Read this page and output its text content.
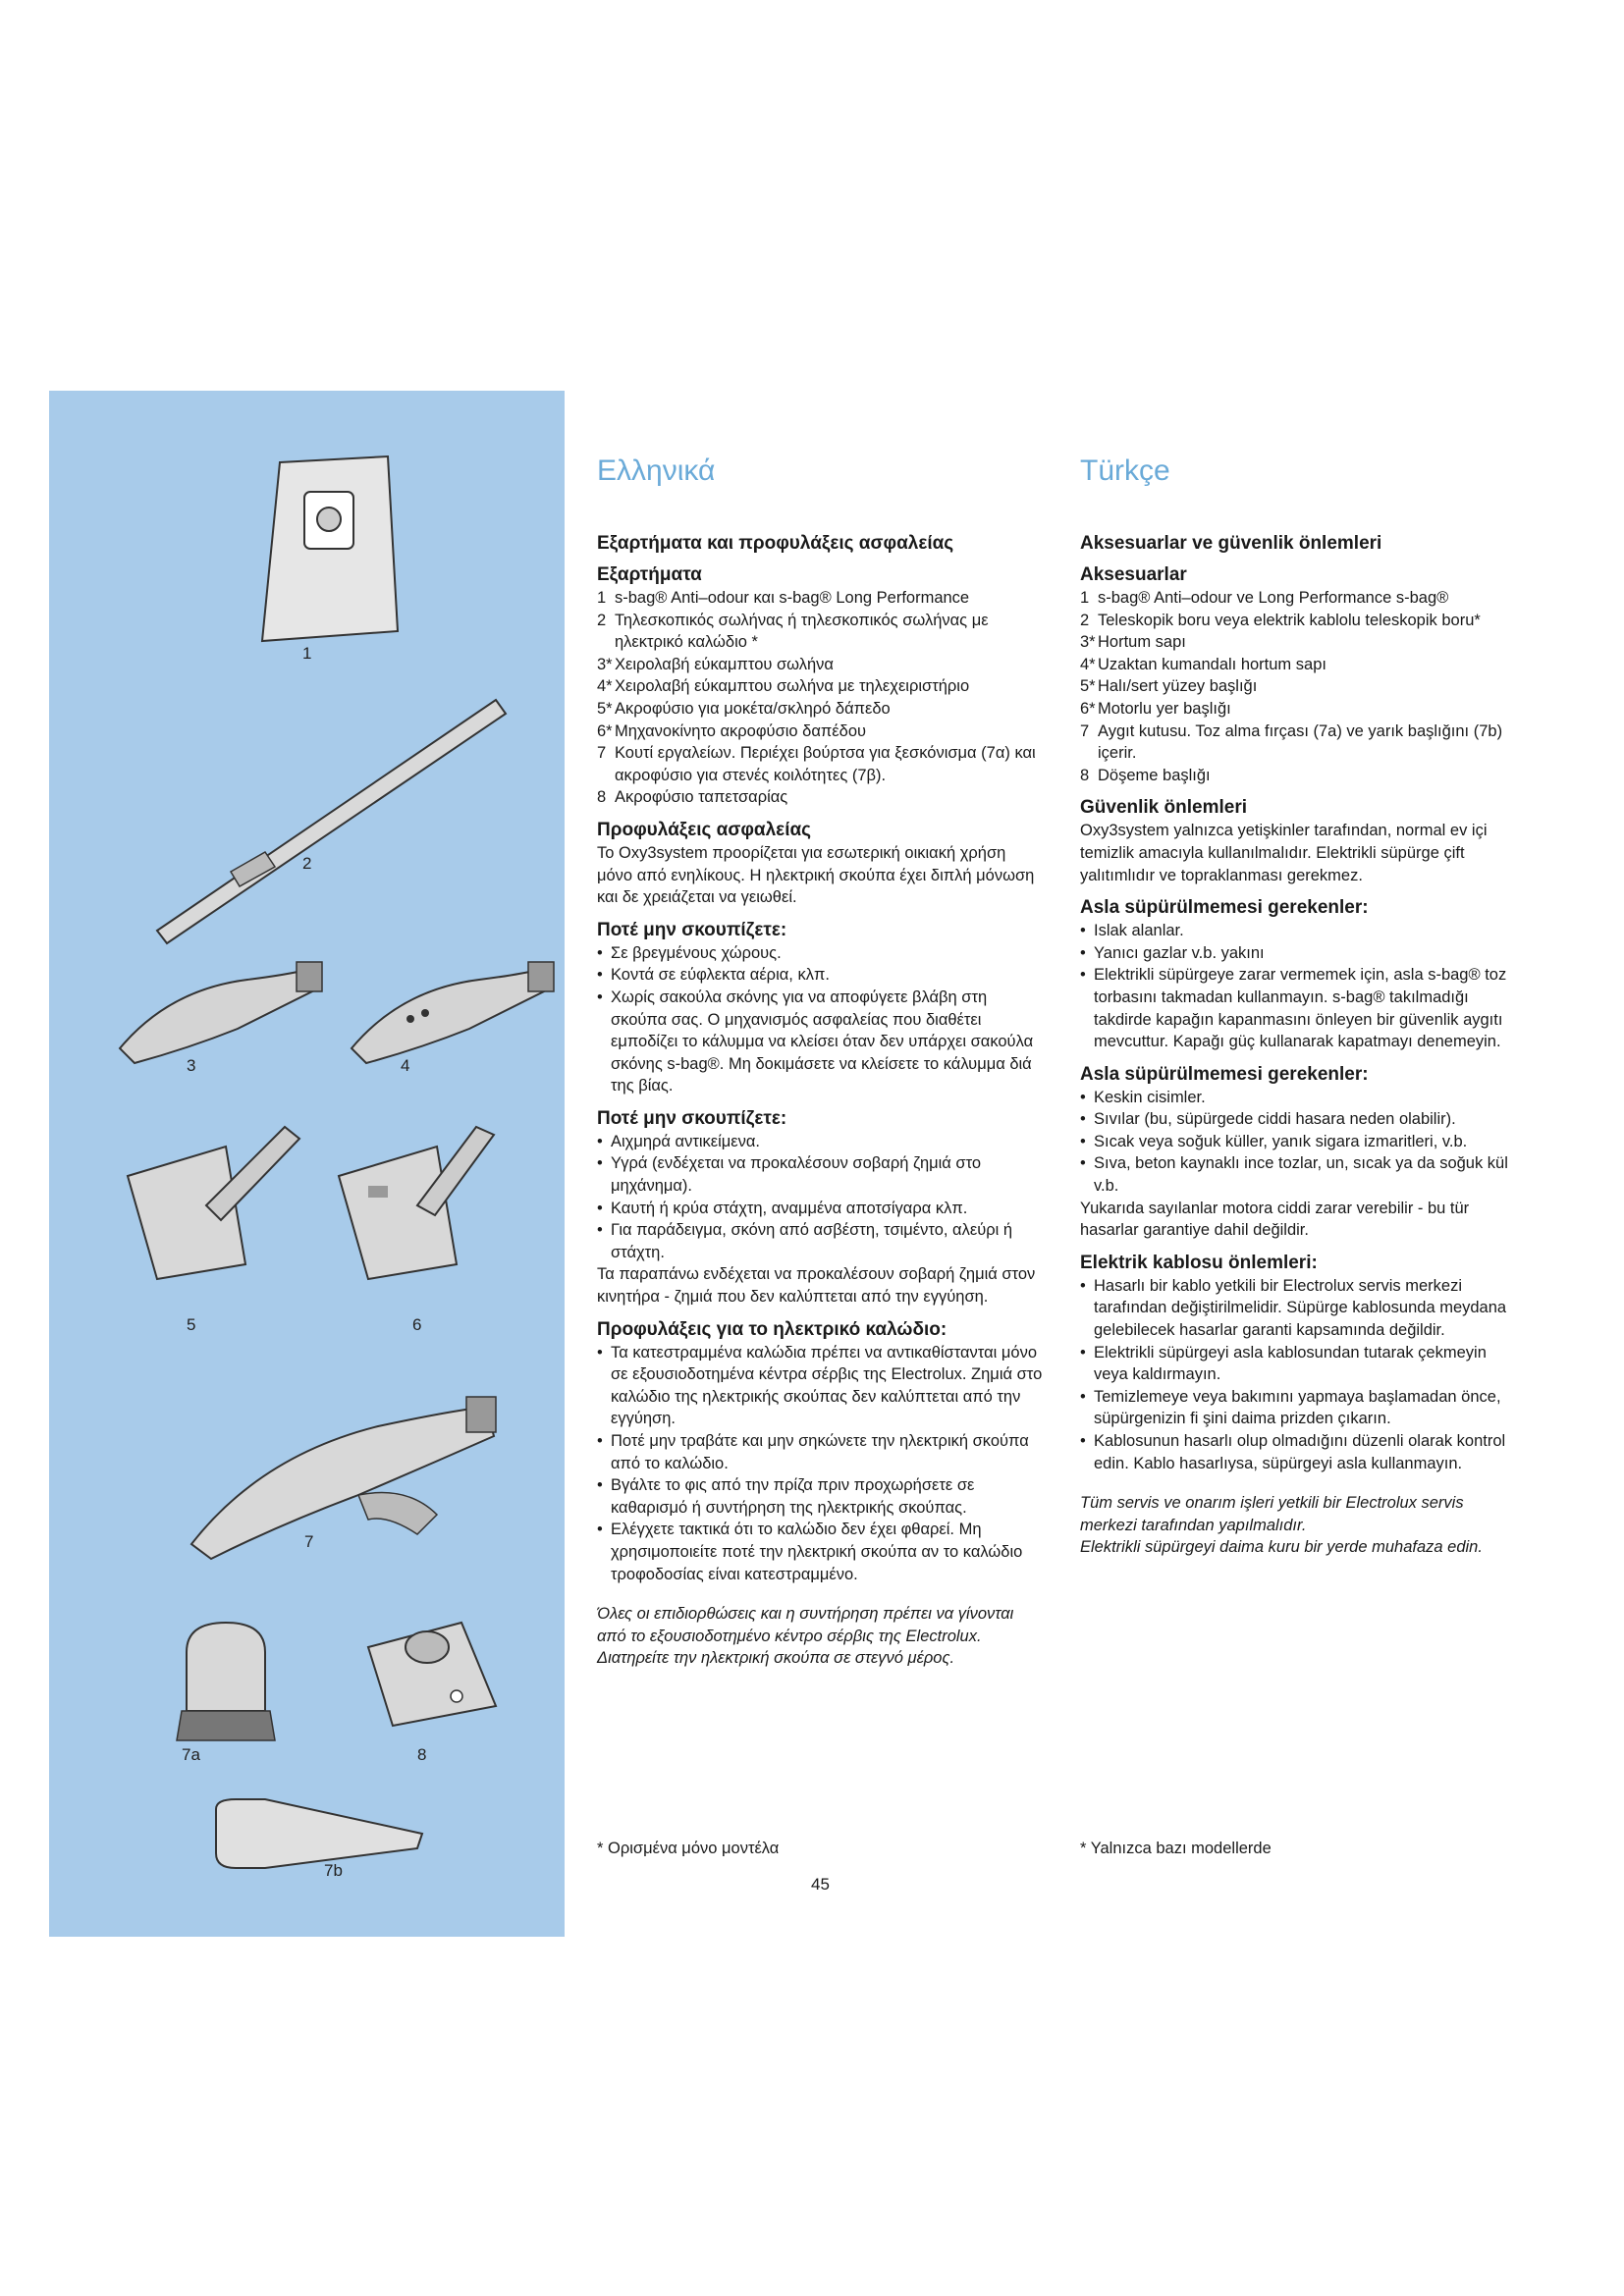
1
2
3	4
5	6
7
7a	8
7b
Ελληνικά
Εξαρτήματα και προφυλάξεις ασφαλείας
Εξαρτήματα
1 s-bag® Anti–odour και s-bag® Long Performance
2 Τηλεσκοπικός σωλήνας ή τηλεσκοπικός σωλήνας με ηλεκτρικό καλώδιο *
3* Χειρολαβή εύκαμπτου σωλήνα
4* Χειρολαβή εύκαμπτου σωλήνα με τηλεχειριστήριο
5* Ακροφύσιο για μοκέτα/σκληρό δάπεδο
6* Μηχανοκίνητο ακροφύσιο δαπέδου
7 Κουτί εργαλείων. Περιέχει βούρτσα για ξεσκόνισμα (7α) και ακροφύσιο για στενές κοιλότητες (7β).
8 Ακροφύσιο ταπετσαρίας
Προφυλάξεις ασφαλείας

Το Oxy3system προορίζεται για εσωτερική οικιακή χρήση μόνο από ενηλίκους. Η ηλεκτρική σκούπα έχει διπλή μόνωση και δε χρειάζεται να γειωθεί.

Ποτέ μην σκουπίζετε:
• Σε βρεγμένους χώρους.
• Κοντά σε εύφλεκτα αέρια, κλπ.
• Χωρίς σακούλα σκόνης για να αποφύγετε βλάβη στη σκούπα σας. Ο μηχανισμός ασφαλείας που διαθέτει εμποδίζει το κάλυμμα να κλείσει όταν δεν υπάρχει σακούλα σκόνης s-bag®. Μη δοκιμάσετε να κλείσετε το κάλυμμα διά της βίας.
Ποτέ μην σκουπίζετε:
• Αιχμηρά αντικείμενα.
• Υγρά (ενδέχεται να προκαλέσουν σοβαρή ζημιά στο μηχάνημα).
• Καυτή ή κρύα στάχτη, αναμμένα αποτσίγαρα κλπ.
• Για παράδειγμα, σκόνη από ασβέστη, τσιμέντο, αλεύρι ή στάχτη.

Τα παραπάνω ενδέχεται να προκαλέσουν σοβαρή ζημιά στον κινητήρα - ζημιά που δεν καλύπτεται από την εγγύηση.

Προφυλάξεις για το ηλεκτρικό καλώδιο:
• Τα κατεστραμμένα καλώδια πρέπει να αντικαθίστανται μόνο σε εξουσιοδοτημένα κέντρα σέρβις της Electrolux. Ζημιά στο καλώδιο της ηλεκτρικής σκούπας δεν καλύπτεται από την εγγύηση.
• Ποτέ μην τραβάτε και μην σηκώνετε την ηλεκτρική σκούπα από το καλώδιο.
• Βγάλτε το φις από την πρίζα πριν προχωρήσετε σε καθαρισμό ή συντήρηση της ηλεκτρικής σκούπας.
• Ελέγχετε τακτικά ότι το καλώδιο δεν έχει φθαρεί. Μη χρησιμοποιείτε ποτέ την ηλεκτρική σκούπα αν το καλώδιο τροφοδοσίας είναι κατεστραμμένο.

Όλες οι επιδιορθώσεις και η συντήρηση πρέπει να γίνονται από το εξουσιοδοτημένο κέντρο σέρβις της Electrolux.

Διατηρείτε την ηλεκτρική σκούπα σε στεγνό μέρος.

Türkçe
Aksesuarlar ve güvenlik önlemleri
Aksesuarlar
1 s-bag® Anti–odour ve Long Performance s-bag®
2 Teleskopik boru veya elektrik kablolu teleskopik boru*
3* Hortum sapı
4* Uzaktan kumandalı hortum sapı
5* Halı/sert yüzey başlığı
6* Motorlu yer başlığı
7 Aygıt kutusu. Toz alma fırçası (7a) ve yarık başlığını (7b) içerir.
8 Döşeme başlığı
Güvenlik önlemleri

Oxy3system yalnızca yetişkinler tarafından, normal ev içi temizlik amacıyla kullanılmalıdır. Elektrikli süpürge çift yalıtımlıdır ve topraklanması gerekmez.

Asla süpürülmemesi gerekenler:
• Islak alanlar.
• Yanıcı gazlar v.b. yakını
• Elektrikli süpürgeye zarar vermemek için, asla s-bag® toz torbasını takmadan kullanmayın. s-bag® takılmadığı takdirde kapağın kapanmasını önleyen bir güvenlik aygıtı mevcuttur. Kapağı güç kullanarak kapatmayı denemeyin.
Asla süpürülmemesi gerekenler:
• Keskin cisimler.
• Sıvılar (bu, süpürgede ciddi hasara neden olabilir).
• Sıcak veya soğuk küller, yanık sigara izmaritleri, v.b.
• Sıva, beton kaynaklı ince tozlar, un, sıcak ya da soğuk kül v.b.

Yukarıda sayılanlar motora ciddi zarar verebilir - bu tür hasarlar garantiye dahil değildir.

Elektrik kablosu önlemleri:
• Hasarlı bir kablo yetkili bir Electrolux servis merkezi tarafından değiştirilmelidir. Süpürge kablosunda meydana gelebilecek hasarlar garanti kapsamında değildir.
• Elektrikli süpürgeyi asla kablosundan tutarak çekmeyin veya kaldırmayın.
• Temizlemeye veya bakımını yapmaya başlamadan önce, süpürgenizin fi şini daima prizden çıkarın.
• Kablosunun hasarlı olup olmadığını düzenli olarak kontrol edin. Kablo hasarlıysa, süpürgeyi asla kullanmayın.

Tüm servis ve onarım işleri yetkili bir Electrolux servis merkezi tarafından yapılmalıdır.

Elektrikli süpürgeyi daima kuru bir yerde muhafaza edin.

* Ορισμένα μόνο μοντέλα	* Yalnızca bazı modellerde
45
